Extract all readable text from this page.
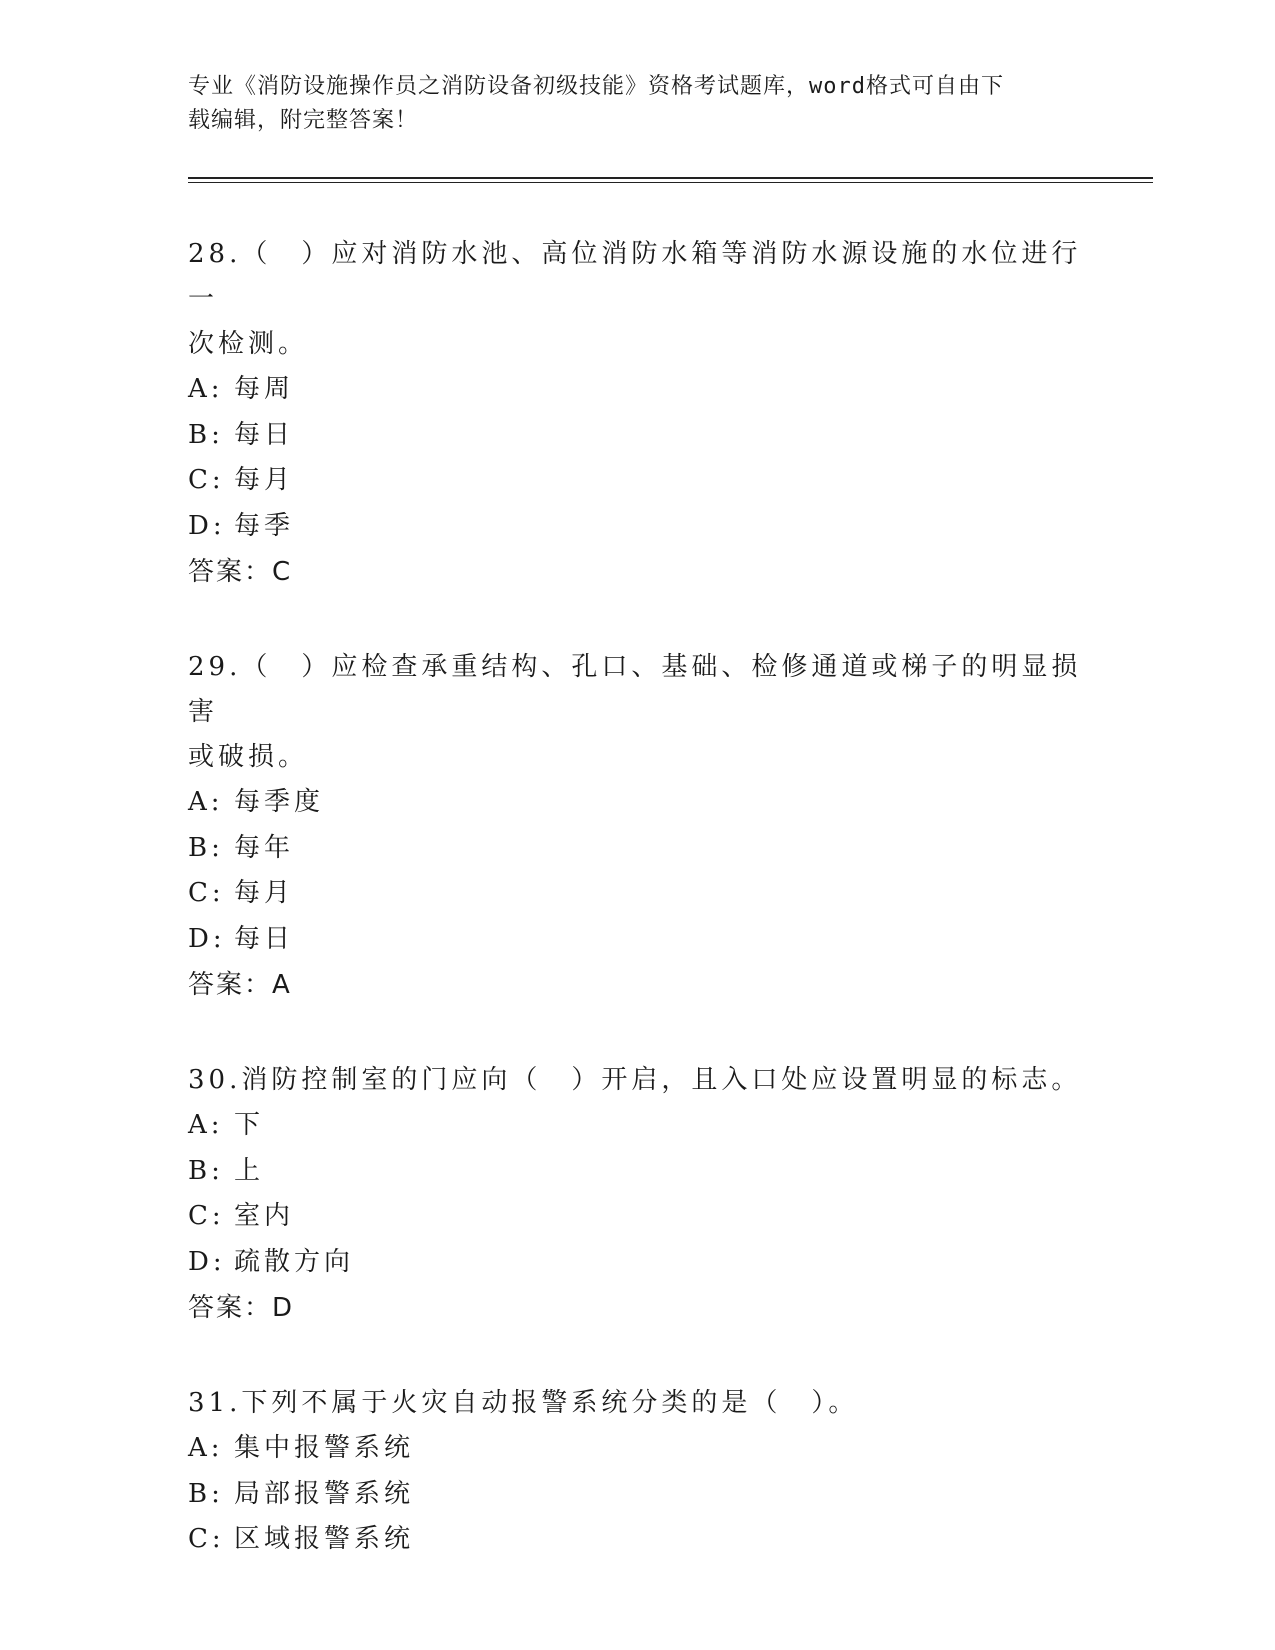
专业《消防设施操作员之消防设备初级技能》资格考试题库，word格式可自由下
载编辑，附完整答案！

28.（　）应对消防水池、高位消防水箱等消防水源设施的水位进行一

次检测。

A: 每周
B: 每日
C: 每月
D: 每季

答案：C

29.（　）应检查承重结构、孔口、基础、检修通道或梯子的明显损害

或破损。

A: 每季度
B: 每年
C: 每月
D: 每日

答案：A

30.消防控制室的门应向（　）开启，且入口处应设置明显的标志。

A: 下
B: 上
C: 室内
D: 疏散方向

答案：D

31.下列不属于火灾自动报警系统分类的是（　）。

A: 集中报警系统
B: 局部报警系统
C: 区域报警系统
